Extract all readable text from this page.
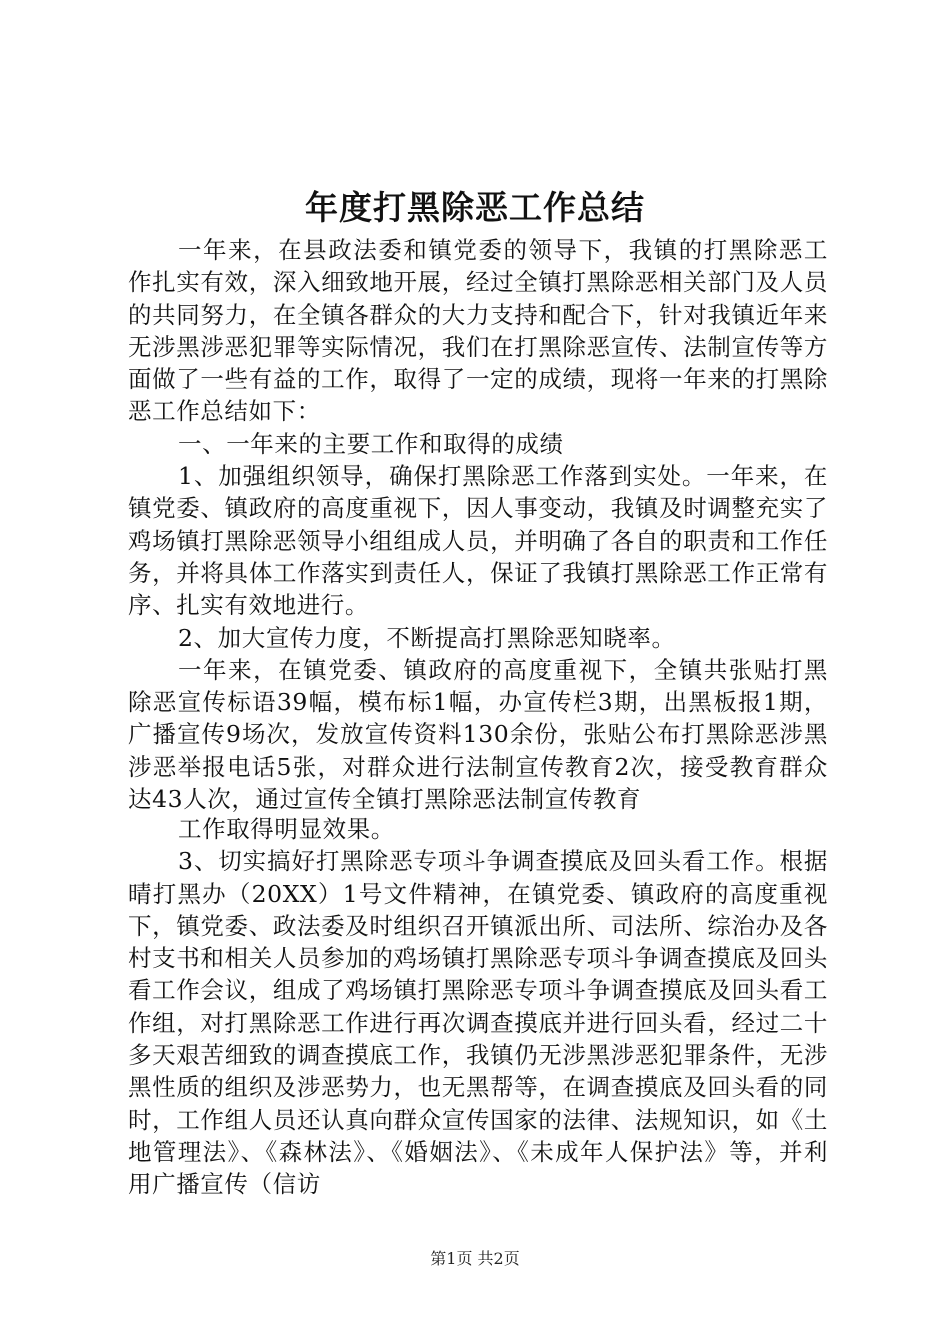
年度打黑除恶工作总结

一年来，在县政法委和镇党委的领导下，我镇的打黑除恶工作扎实有效，深入细致地开展，经过全镇打黑除恶相关部门及人员的共同努力，在全镇各群众的大力支持和配合下，针对我镇近年来无涉黑涉恶犯罪等实际情况，我们在打黑除恶宣传、法制宣传等方面做了一些有益的工作，取得了一定的成绩，现将一年来的打黑除恶工作总结如下：

一、一年来的主要工作和取得的成绩

1、加强组织领导，确保打黑除恶工作落到实处。一年来，在镇党委、镇政府的高度重视下，因人事变动，我镇及时调整充实了鸡场镇打黑除恶领导小组组成人员，并明确了各自的职责和工作任务，并将具体工作落实到责任人，保证了我镇打黑除恶工作正常有序、扎实有效地进行。

2、加大宣传力度，不断提高打黑除恶知晓率。

一年来，在镇党委、镇政府的高度重视下，全镇共张贴打黑除恶宣传标语39幅，模布标1幅，办宣传栏3期，出黑板报1期，广播宣传9场次，发放宣传资料130余份，张贴公布打黑除恶涉黑涉恶举报电话5张，对群众进行法制宣传教育2次，接受教育群众达43人次，通过宣传全镇打黑除恶法制宣传教育

工作取得明显效果。

3、切实搞好打黑除恶专项斗争调查摸底及回头看工作。根据晴打黑办（20XX）1号文件精神，在镇党委、镇政府的高度重视下，镇党委、政法委及时组织召开镇派出所、司法所、综治办及各村支书和相关人员参加的鸡场镇打黑除恶专项斗争调查摸底及回头看工作会议，组成了鸡场镇打黑除恶专项斗争调查摸底及回头看工作组，对打黑除恶工作进行再次调查摸底并进行回头看，经过二十多天艰苦细致的调查摸底工作，我镇仍无涉黑涉恶犯罪条件，无涉黑性质的组织及涉恶势力，也无黑帮等，在调查摸底及回头看的同时，工作组人员还认真向群众宣传国家的法律、法规知识，如《土地管理法》、《森林法》、《婚姻法》、《未成年人保护法》等，并利用广播宣传（信访

第1页 共2页
